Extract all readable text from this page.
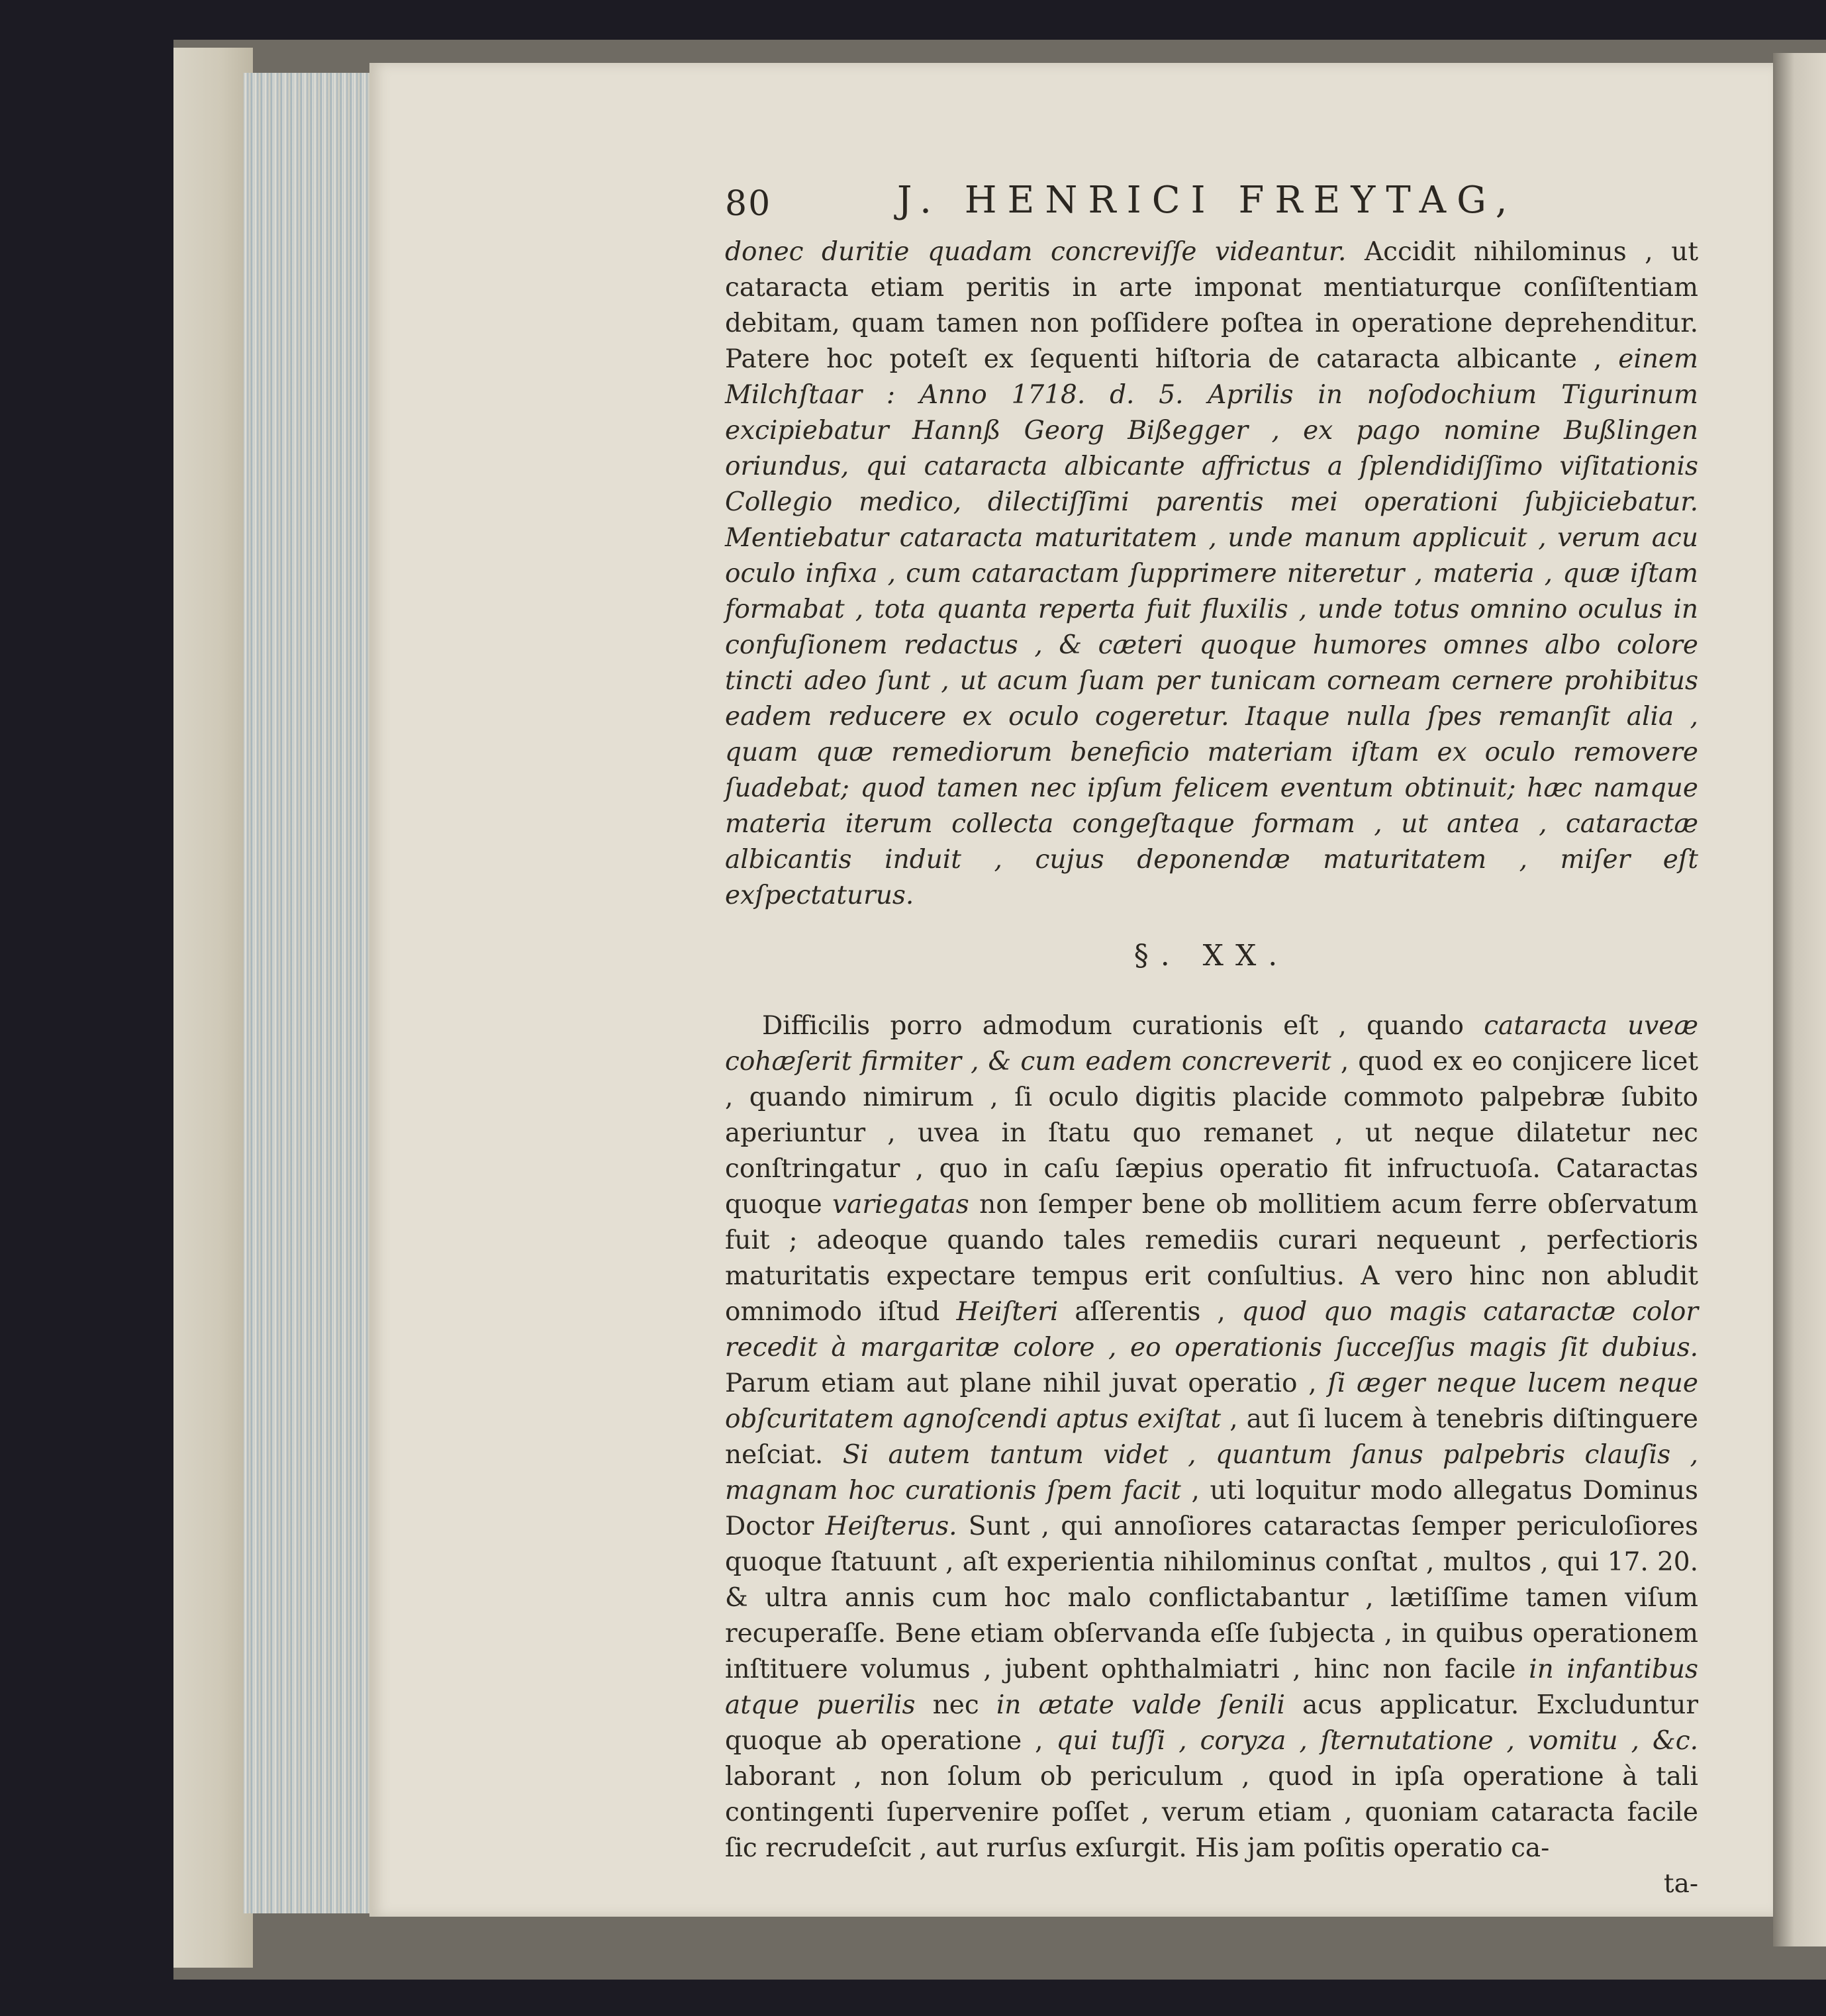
80	J. HENRICI FREYTAG,

donec duritie quadam concreviſſe videantur. Accidit nihilominus , ut cataracta etiam peritis in arte imponat mentiaturque conſiſtentiam debitam, quam tamen non poſſidere poſtea in operatione deprehenditur. Patere hoc poteſt ex ſequenti hiſtoria de cataracta albicante , einem Milchſtaar : Anno 1718. d. 5. Aprilis in noſodochium Tigurinum excipiebatur Hannß Georg Bißegger , ex pago nomine Bußlingen oriundus, qui cataracta albicante affrictus a ſplendidiſſimo viſitationis Collegio medico, dilectiſſimi parentis mei operationi ſubjiciebatur. Mentiebatur cataracta maturitatem , unde manum applicuit , verum acu oculo infixa , cum cataractam ſupprimere niteretur , materia , quæ iſtam formabat , tota quanta reperta fuit fluxilis , unde totus omnino oculus in confuſionem redactus , & cæteri quoque humores omnes albo colore tincti adeo ſunt , ut acum ſuam per tunicam corneam cernere prohibitus eadem reducere ex oculo cogeretur. Itaque nulla ſpes remanſit alia , quam quæ remediorum beneficio materiam iſtam ex oculo removere ſuadebat; quod tamen nec ipſum felicem eventum obtinuit; hæc namque materia iterum collecta congeſtaque formam , ut antea , cataractæ albicantis induit , cujus deponendæ maturitatem , miſer eſt exſpectaturus.

§. XX.

Difficilis porro admodum curationis eſt , quando cataracta uveæ cohæſerit firmiter , & cum eadem concreverit , quod ex eo conjicere licet , quando nimirum , ſi oculo digitis placide commoto palpebræ ſubito aperiuntur , uvea in ſtatu quo remanet , ut neque dilatetur nec conſtringatur , quo in caſu ſæpius operatio fit infructuoſa. Cataractas quoque variegatas non ſemper bene ob mollitiem acum ferre obſervatum fuit ; adeoque quando tales remediis curari nequeunt , perfectioris maturitatis expectare tempus erit conſultius. A vero hinc non abludit omnimodo iſtud Heiſteri aſſerentis , quod quo magis cataractæ color recedit à margaritæ colore , eo operationis ſucceſſus magis ſit dubius. Parum etiam aut plane nihil juvat operatio , ſi æger neque lucem neque obſcuritatem agnoſcendi aptus exiſtat , aut ſi lucem à tenebris diſtinguere neſciat. Si autem tantum videt , quantum ſanus palpebris clauſis , magnam hoc curationis ſpem facit , uti loquitur modo allegatus Dominus Doctor Heiſterus. Sunt , qui annoſiores cataractas ſemper periculoſiores quoque ſtatuunt , aſt experientia nihilominus conſtat , multos , qui 17. 20. & ultra annis cum hoc malo conflictabantur , lætiſſime tamen viſum recuperaſſe. Bene etiam obſervanda eſſe ſubjecta , in quibus operationem inſtituere volumus , jubent ophthalmiatri , hinc non facile in infantibus atque puerilis nec in ætate valde ſenili acus applicatur. Excluduntur quoque ab operatione , qui tuſſi , coryza , ſternutatione , vomitu , &c. laborant , non ſolum ob periculum , quod in ipſa operatione à tali contingenti ſupervenire poſſet , verum etiam , quoniam cataracta facile ſic recrudeſcit , aut rurſus exſurgit. His jam poſitis operatio ca-

ta-
